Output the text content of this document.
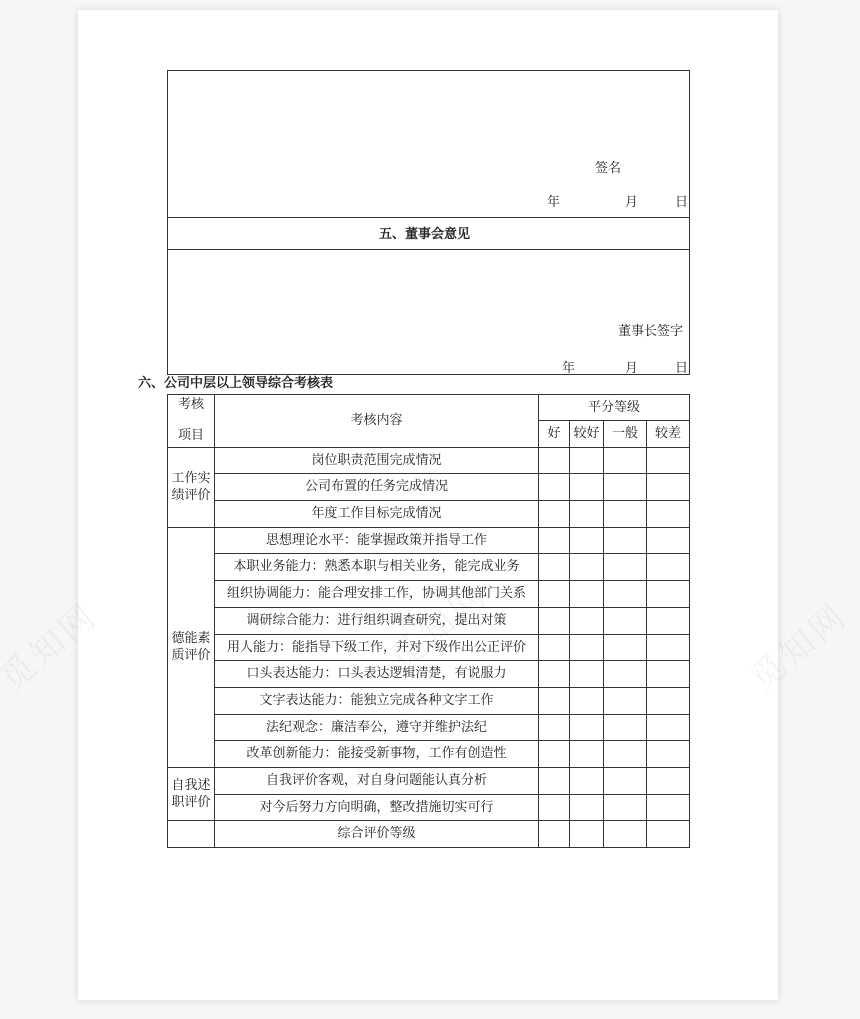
签名
年	月	日
五、董事会意见
董事长签字
年	月	日
六、公司中层以上领导综合考核表
考核
项目	考核内容	平分等级			
		好	较好	一般	较差
工作实绩评价	岗位职责范围完成情况				
	公司布置的任务完成情况				
	年度工作目标完成情况				
德能素质评价	思想理论水平：能掌握政策并指导工作				
	本职业务能力：熟悉本职与相关业务，能完成业务				
	组织协调能力：能合理安排工作，协调其他部门关系				
	调研综合能力：进行组织调查研究，提出对策				
	用人能力：能指导下级工作，并对下级作出公正评价				
	口头表达能力：口头表达逻辑清楚，有说服力				
	文字表达能力：能独立完成各种文字工作				
	法纪观念：廉洁奉公，遵守并维护法纪				
	改革创新能力：能接受新事物，工作有创造性				
自我述职评价	自我评价客观，对自身问题能认真分析				
	对今后努力方向明确，整改措施切实可行				
	综合评价等级				
